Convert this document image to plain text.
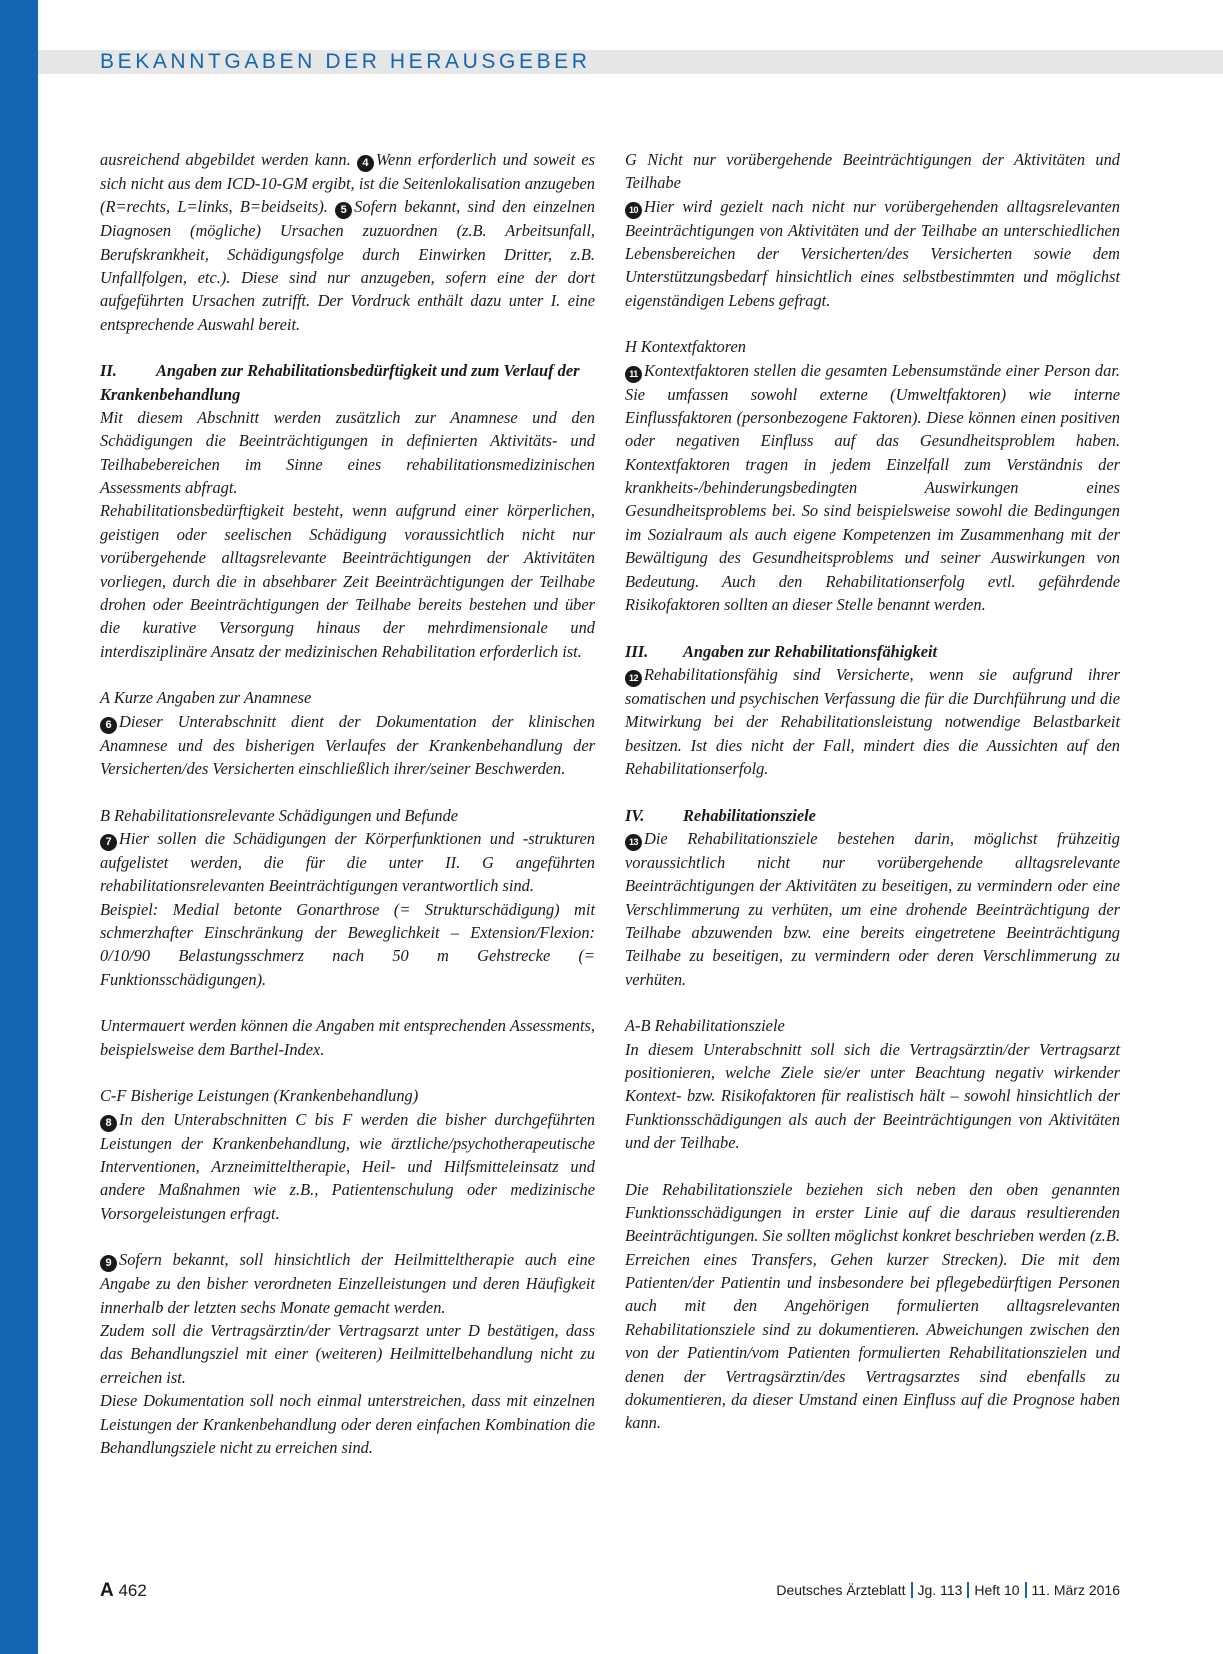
BEKANNTGABEN DER HERAUSGEBER

ausreichend abgebildet werden kann. 4 Wenn erforderlich und soweit es sich nicht aus dem ICD-10-GM ergibt, ist die Seitenlokalisation anzugeben (R=rechts, L=links, B=beidseits). 5 Sofern bekannt, sind den einzelnen Diagnosen (mögliche) Ursachen zuzuordnen (z.B. Arbeitsunfall, Berufskrankheit, Schädigungsfolge durch Einwirken Dritter, z.B. Unfallfolgen, etc.). Diese sind nur anzugeben, sofern eine der dort aufgeführten Ursachen zutrifft. Der Vordruck enthält dazu unter I. eine entsprechende Auswahl bereit.

II. Angaben zur Rehabilitationsbedürftigkeit und zum Verlauf der Krankenbehandlung

Mit diesem Abschnitt werden zusätzlich zur Anamnese und den Schädigungen die Beeinträchtigungen in definierten Aktivitäts- und Teilhabebereichen im Sinne eines rehabilitationsmedizinischen Assessments abfragt.

Rehabilitationsbedürftigkeit besteht, wenn aufgrund einer körperlichen, geistigen oder seelischen Schädigung voraussichtlich nicht nur vorübergehende alltagsrelevante Beeinträchtigungen der Aktivitäten vorliegen, durch die in absehbarer Zeit Beeinträchtigungen der Teilhabe drohen oder Beeinträchtigungen der Teilhabe bereits bestehen und über die kurative Versorgung hinaus der mehrdimensionale und interdisziplinäre Ansatz der medizinischen Rehabilitation erforderlich ist.

A Kurze Angaben zur Anamnese

6 Dieser Unterabschnitt dient der Dokumentation der klinischen Anamnese und des bisherigen Verlaufes der Krankenbehandlung der Versicherten/des Versicherten einschließlich ihrer/seiner Beschwerden.

B Rehabilitationsrelevante Schädigungen und Befunde

7 Hier sollen die Schädigungen der Körperfunktionen und -strukturen aufgelistet werden, die für die unter II. G angeführten rehabilitationsrelevanten Beeinträchtigungen verantwortlich sind.

Beispiel: Medial betonte Gonarthrose (= Strukturschädigung) mit schmerzhafter Einschränkung der Beweglichkeit – Extension/Flexion: 0/10/90 Belastungsschmerz nach 50 m Gehstrecke (= Funktionsschädigungen).

Untermauert werden können die Angaben mit entsprechenden Assessments, beispielsweise dem Barthel-Index.

C-F Bisherige Leistungen (Krankenbehandlung)

8 In den Unterabschnitten C bis F werden die bisher durchgeführten Leistungen der Krankenbehandlung, wie ärztliche/psychotherapeutische Interventionen, Arzneimitteltherapie, Heil- und Hilfsmitteleinsatz und andere Maßnahmen wie z.B., Patientenschulung oder medizinische Vorsorgeleistungen erfragt.

9 Sofern bekannt, soll hinsichtlich der Heilmitteltherapie auch eine Angabe zu den bisher verordneten Einzelleistungen und deren Häufigkeit innerhalb der letzten sechs Monate gemacht werden.

Zudem soll die Vertragsärztin/der Vertragsarzt unter D bestätigen, dass das Behandlungsziel mit einer (weiteren) Heilmittelbehandlung nicht zu erreichen ist.

Diese Dokumentation soll noch einmal unterstreichen, dass mit einzelnen Leistungen der Krankenbehandlung oder deren einfachen Kombination die Behandlungsziele nicht zu erreichen sind.

G Nicht nur vorübergehende Beeinträchtigungen der Aktivitäten und Teilhabe

10 Hier wird gezielt nach nicht nur vorübergehenden alltagsrelevanten Beeinträchtigungen von Aktivitäten und der Teilhabe an unterschiedlichen Lebensbereichen der Versicherten/des Versicherten sowie dem Unterstützungsbedarf hinsichtlich eines selbstbestimmten und möglichst eigenständigen Lebens gefragt.

H Kontextfaktoren

11 Kontextfaktoren stellen die gesamten Lebensumstände einer Person dar. Sie umfassen sowohl externe (Umweltfaktoren) wie interne Einflussfaktoren (personbezogene Faktoren). Diese können einen positiven oder negativen Einfluss auf das Gesundheitsproblem haben. Kontextfaktoren tragen in jedem Einzelfall zum Verständnis der krankheits-/behinderungsbedingten Auswirkungen eines Gesundheitsproblems bei. So sind beispielsweise sowohl die Bedingungen im Sozialraum als auch eigene Kompetenzen im Zusammenhang mit der Bewältigung des Gesundheitsproblems und seiner Auswirkungen von Bedeutung. Auch den Rehabilitationserfolg evtl. gefährdende Risikofaktoren sollten an dieser Stelle benannt werden.

III. Angaben zur Rehabilitationsfähigkeit

12 Rehabilitationsfähig sind Versicherte, wenn sie aufgrund ihrer somatischen und psychischen Verfassung die für die Durchführung und die Mitwirkung bei der Rehabilitationsleistung notwendige Belastbarkeit besitzen. Ist dies nicht der Fall, mindert dies die Aussichten auf den Rehabilitationserfolg.

IV. Rehabilitationsziele

13 Die Rehabilitationsziele bestehen darin, möglichst frühzeitig voraussichtlich nicht nur vorübergehende alltagsrelevante Beeinträchtigungen der Aktivitäten zu beseitigen, zu vermindern oder eine Verschlimmerung zu verhüten, um eine drohende Beeinträchtigung der Teilhabe abzuwenden bzw. eine bereits eingetretene Beeinträchtigung Teilhabe zu beseitigen, zu vermindern oder deren Verschlimmerung zu verhüten.

A-B Rehabilitationsziele

In diesem Unterabschnitt soll sich die Vertragsärztin/der Vertragsarzt positionieren, welche Ziele sie/er unter Beachtung negativ wirkender Kontext- bzw. Risikofaktoren für realistisch hält – sowohl hinsichtlich der Funktionsschädigungen als auch der Beeinträchtigungen von Aktivitäten und der Teilhabe.

Die Rehabilitationsziele beziehen sich neben den oben genannten Funktionsschädigungen in erster Linie auf die daraus resultierenden Beeinträchtigungen. Sie sollten möglichst konkret beschrieben werden (z.B. Erreichen eines Transfers, Gehen kurzer Strecken). Die mit dem Patienten/der Patientin und insbesondere bei pflegebedürftigen Personen auch mit den Angehörigen formulierten alltagsrelevanten Rehabilitationsziele sind zu dokumentieren. Abweichungen zwischen den von der Patientin/vom Patienten formulierten Rehabilitationszielen und denen der Vertragsärztin/des Vertragsarztes sind ebenfalls zu dokumentieren, da dieser Umstand einen Einfluss auf die Prognose haben kann.

A 462	Deutsches Ärzteblatt Jg. 113 Heft 10 11. März 2016
